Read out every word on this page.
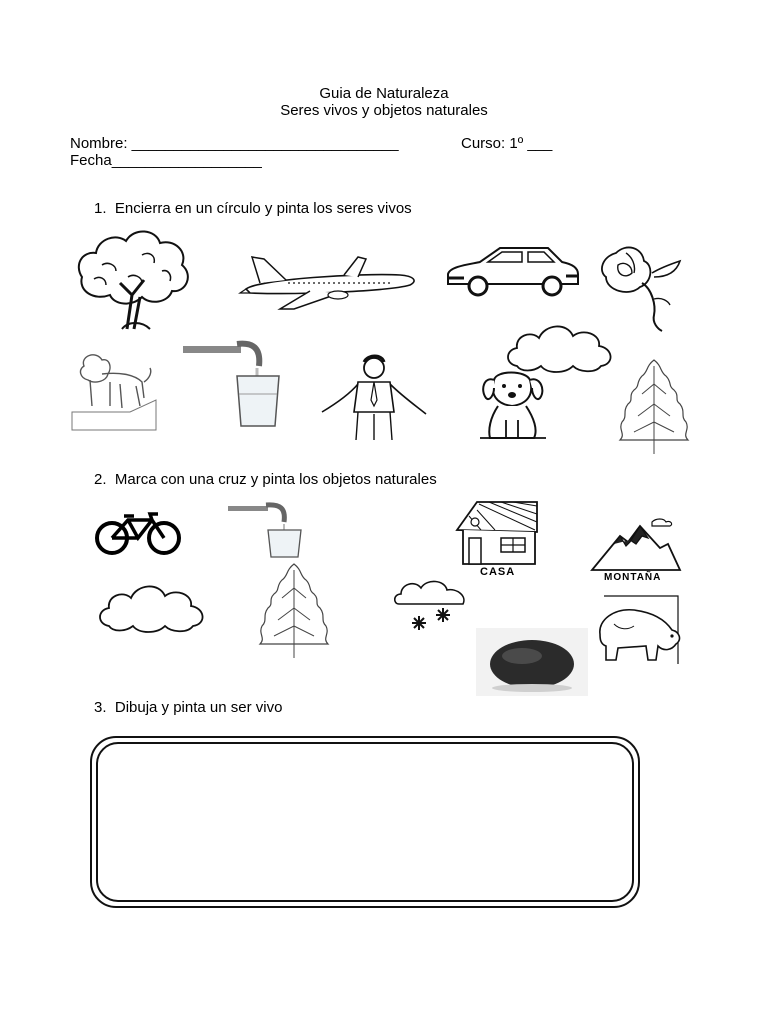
Guia de Naturaleza
Seres vivos y objetos naturales
Nombre: ________________________________	Curso: 1º ___
Fecha__________________
1. Encierra en un círculo y pinta los seres vivos
2. Marca con una cruz y pinta los objetos naturales
CASA	MONTAÑA
3. Dibuja y pinta un ser vivo
